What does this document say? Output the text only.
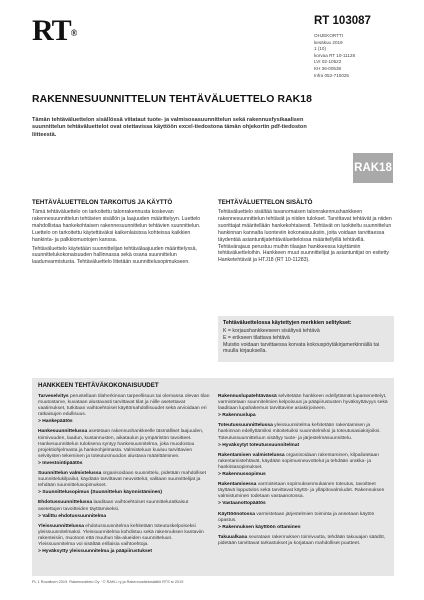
RT®
RT 103087
OHJEKORTTI
kesäkuu 2019
1 (10)
korvaa RT 10-11128
LVI 02-10522
KH 36-00538
Infra 052-710025
RAKENNESUUNNITTELUN TEHTÄVÄLUETTELO RAK18
Tämän tehtäväluettelon sisällössä viitataut tuote- ja valmisosasuunnittelun sekä rakennusfysikaalisen suunnittelun tehtäväluettelot ovat otettavissa käyttöön excel-tiedostona tämän ohjekortin pdf-tiedoston liitteestä.
RAK18
TEHTÄVÄLUETTELON TARKOITUS JA KÄYTTÖ
Tämä tehtäväluettelo on tarkoitettu talonrakennusta koskevan rakennesuunnittelun tehtävien sisällön ja laajuuden määrittelyyn. Luettelo mahdollistaa hankekohtaisen rakennesuunnittelun tehtävien suunnittelun. Luettelo on tarkoitettu käytettäväksi kaikenlaisissa kohteissa kaikkien hankinta- ja palkkiomuotojen kanssa.
Tehtäväluettelo käytetään suunnittelijan tehtävälaajuuden määrittelyssä, suunnittelukokonaisuuden hallinnassa sekä osana suunnittelun laadunvarmistusta. Tehtäväluettelo liitetään suunnittelusopimukseen.
TEHTÄVÄLUETTELON SISÄLTÖ
Tehtäväluettelo sisältää tavanomaisen talonrakennushankkeen rakennesuunnittelun tehtävät ja niiden tulokset. Tarvittavat tehtävät ja niiden suorittajat määritellään hankekohtaisesti. Tehtävät on luokiteltu suunnittelun hankinnan kannalta luonteviin kokonaisuuksiin, joita voidaan tarvittaessa täydentää asiantuntijatehtäväluetteloissa määritellyillä tehtävillä. Tehtävärajaus perustuu muihin tilaajan hankkeessa käyttämiin tehtäväluetteloihin. Hankkeen muut suunnittelijat ja asiantuntijat on esitetty Hanketehtävät ja HTJ18 (RT 10-11283).
Tehtäväluettelossa käytettyjen merkkien selitykset:
K = korjaushankkeeseen sisältyvä tehtävä
E = erikseen tilattava tehtävä
Muistio voidaan tarvittaessa korvata kokouspöytäkirjamerkinnällä tai muulla kirjauksella.
HANKKEEN TEHTÄVÄKOKONAISUUDET

Tarveselvitys perustellaan tilaherkinnan tarpeellisuus tai olemassa olevan tilan muutostarve, kuvataan alustavasti tarvittavat tilat ja niille asetettavat vaatimukset, tutkitaan vaihtoehtoiset käyttömahdollisuudet sekä arvioidaan eri ratkaisujen edullisuus.

> Hankepäätös

Hankesuunnittelussa asetetaan rakennushankkeelle täsmälliset laajuuden, toimivuuden, laadun, kustannusten, aikataulun ja ympäristön tavoitteet. Hankesuunnittelun tuloksena syntyy hankesuunnitelma, joka muodostuu projektiohjelmasta ja hankeohjelmasta. Valmisteluun kuuluu tarvittavien selvitysten tekeminen ja toteutusmuodon alustava määrittäminen.

> Investointipäätös

Suunnittelun valmistelussa organisoidaan suunnittelu, pidetään mahdolliset suunnittelukilpailut, käydään tarvittavat neuvottelut, valitaan suunnittelijat ja tehdään suunnittelusopimukset.

> Suunnittelusopimus (Suunnittelun käynnistäminen)

Ehdotussuunnittelussa laaditaan vaihtoehtoiset suunnitteluratkaisut asetettujen tavoitteiden täyttämiseksi.

> Valittu ehdotussuunnitelma

Yleissuunnittelussa ehdotussuunnitelma kehitetään toteutuskelpoiseksi yleissuunnitelmaksi. Yleissuunnitelma kohdistuu sekä rakennuksen kantaviin rakenteisiin, muotoon että muuhun tila-alueiden suunnitteluun. Yleissuunnitelma voi sisältää erillaisia vaihtoehtoja.

> Hyväksytty yleissuunnitelma ja pääpiirustukset

Rakennuslupatehtävässä selvitetään hankkeen edellyttämät lupamenettelyt, varmistetaan suunnitelmien kelpoisuus ja pääpiirustusten hyväksyttävyys sekä laaditaan lupahakemus tarvittavine asiakirjoineen.

> Rakennuslupa

Toteutussuunnittelussa yleissuunnitelma kehitetään rakentamisen ja hankinnan edellyttämiksi mitoitetuiksi suunnitelmiksi ja toteutusasiakirjoiksi. Toteutussuunnitteluun sisältyy tuote- ja järjestelmäsuunnittelu.

> Hyväksytyt toteutussuunnitelmat

Rakentamisen valmistelussa organisoidaan rakentaminen, kilpailutetaan rakentamistehtävät, käydään sopimusneuvottelut ja tehdään urakka- ja hankintasopimukset.

> Rakennussopimus

Rakentamisessa varmistetaan sopimuksenmukainen toteutus, tavoitteet täyttävä lopputulos sekä tarvittavat käyttö- ja ylläpitovalmiudet. Rakennuksen valmistuminen todetaan vastaanotossa.

> Vastaanottopäätös

Käyttöönotossa varmistetaan järjestelmien toiminta ja annetaan käytön opastus.

> Rakennuksen käyttöön ottaminen

Takuualkana seurataan rakennuksen toimivuutta, tehdään takuuajan säädöt, pidetään tarvittavat tarkastukset ja korjataan mahdolliset puutteet.

PL 1 Rovalinen 2019. Rakennustieto Oy · © RAKLi ry ja Rakennustietosäätiö RTS sr 2019
